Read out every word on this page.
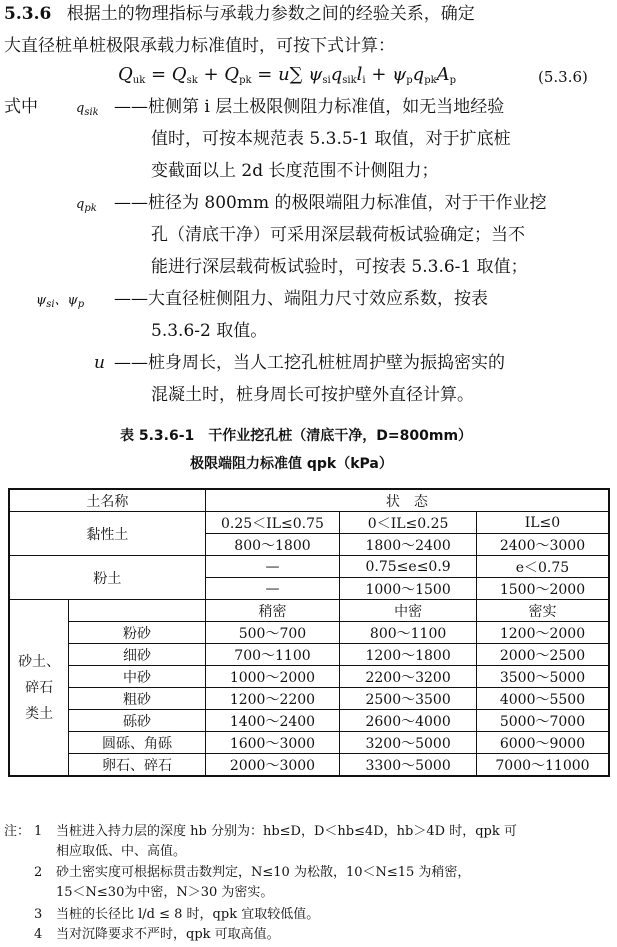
5.3.6 根据土的物理指标与承载力参数之间的经验关系，确定
大直径桩单桩极限承载力标准值时，可按下式计算：
$Q_{uk} = Q_{sk} + Q_{pk} = u\sum$ $\psi_{si}q_{sik}l_i + \psi_pq_{pk}A_p$	(5.3.6)
式中	$q_{sik}$ ——桩侧第 i 层土极限侧阻力标准值，如无当地经验
值时，可按本规范表 5.3.5-1 取值，对于扩底桩
变截面以上 2d 长度范围不计侧阻力；
$q_{pk}$ ——桩径为 800mm 的极限端阻力标准值，对于干作业挖
孔（清底干净）可采用深层载荷板试验确定；当不
能进行深层载荷板试验时，可按表 5.3.6-1 取值；
$\psi_{si}$、$\psi_p$ ——大直径桩侧阻力、端阻力尺寸效应系数，按表
5.3.6-2 取值。
u ——桩身周长，当人工挖孔桩桩周护壁为振捣密实的
混凝土时，桩身周长可按护壁外直径计算。
表 5.3.6-1　干作业挖孔桩（清底干净，D=800mm）
极限端阻力标准值 qpk（kPa）
土名称		状　态		
黏性土		0.25＜IL≤0.75	0＜IL≤0.25	IL≤0
		800～1800	1800～2400	2400～3000
粉土		—	0.75≤e≤0.9	e＜0.75
		—	1000～1500	1500～2000
砂土、
碎石
类土		稍密	中密	密实
	粉砂	500～700	800～1100	1200～2000
	细砂	700～1100	1200～1800	2000～2500
	中砂	1000～2000	2200～3200	3500～5000
	粗砂	1200～2200	2500～3500	4000～5500
	砾砂	1400～2400	2600～4000	5000～7000
	圆砾、角砾	1600～3000	3200～5000	6000～9000
	卵石、碎石	2000～3000	3300～5000	7000～11000
注： 1 当桩进入持力层的深度 hb 分别为：hb≤D，D＜hb≤4D，hb＞4D 时，qpk 可
相应取低、中、高值。
2 砂土密实度可根据标贯击数判定，N≤10 为松散，10＜N≤15 为稍密，
15＜N≤30为中密，N＞30 为密实。
3 当桩的长径比 l/d ≤ 8 时，qpk 宜取较低值。
4 当对沉降要求不严时，qpk 可取高值。
